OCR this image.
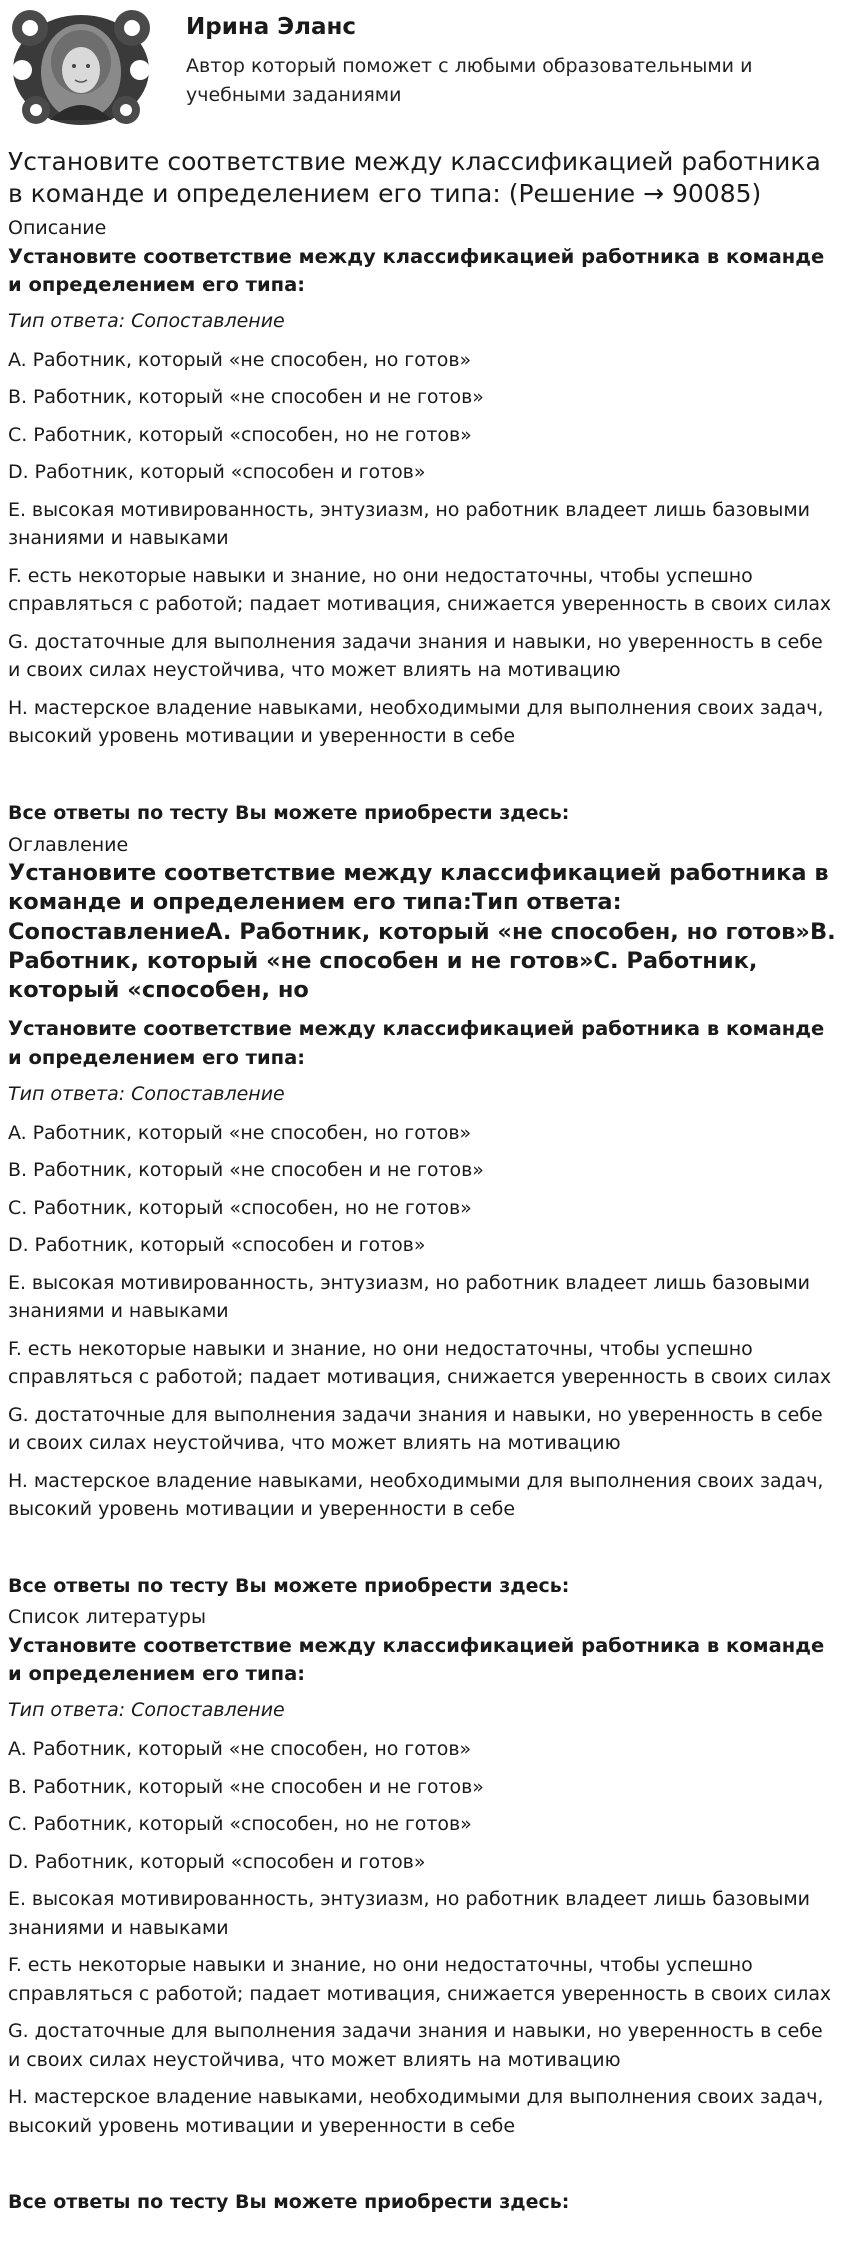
Ирина Эланс
Автор который поможет с любыми образовательными и учебными заданиями
Установите соответствие между классификацией работника в команде и определением его типа: (Решение → 90085)
Описание
Установите соответствие между классификацией работника в команде и определением его типа:
Тип ответа: Сопоставление
A. Работник, который «не способен, но готов»
B. Работник, который «не способен и не готов»
C. Работник, который «способен, но не готов»
D. Работник, который «способен и готов»
E. высокая мотивированность, энтузиазм, но работник владеет лишь базовыми знаниями и навыками
F. есть некоторые навыки и знание, но они недостаточны, чтобы успешно справляться с работой; падает мотивация, снижается уверенность в своих силах
G. достаточные для выполнения задачи знания и навыки, но уверенность в себе и своих силах неустойчива, что может влиять на мотивацию
H. мастерское владение навыками, необходимыми для выполнения своих задач, высокий уровень мотивации и уверенности в себе
Все ответы по тесту Вы можете приобрести здесь:
Оглавление
Установите соответствие между классификацией работника в команде и определением его типа:Тип ответа: СопоставлениеA. Работник, который «не способен, но готов»B. Работник, который «не способен и не готов»C. Работник, который «способен, но
Установите соответствие между классификацией работника в команде и определением его типа:
Тип ответа: Сопоставление
A. Работник, который «не способен, но готов»
B. Работник, который «не способен и не готов»
C. Работник, который «способен, но не готов»
D. Работник, который «способен и готов»
E. высокая мотивированность, энтузиазм, но работник владеет лишь базовыми знаниями и навыками
F. есть некоторые навыки и знание, но они недостаточны, чтобы успешно справляться с работой; падает мотивация, снижается уверенность в своих силах
G. достаточные для выполнения задачи знания и навыки, но уверенность в себе и своих силах неустойчива, что может влиять на мотивацию
H. мастерское владение навыками, необходимыми для выполнения своих задач, высокий уровень мотивации и уверенности в себе
Все ответы по тесту Вы можете приобрести здесь:
Список литературы
Установите соответствие между классификацией работника в команде и определением его типа:
Тип ответа: Сопоставление
A. Работник, который «не способен, но готов»
B. Работник, который «не способен и не готов»
C. Работник, который «способен, но не готов»
D. Работник, который «способен и готов»
E. высокая мотивированность, энтузиазм, но работник владеет лишь базовыми знаниями и навыками
F. есть некоторые навыки и знание, но они недостаточны, чтобы успешно справляться с работой; падает мотивация, снижается уверенность в своих силах
G. достаточные для выполнения задачи знания и навыки, но уверенность в себе и своих силах неустойчива, что может влиять на мотивацию
H. мастерское владение навыками, необходимыми для выполнения своих задач, высокий уровень мотивации и уверенности в себе
Все ответы по тесту Вы можете приобрести здесь:
